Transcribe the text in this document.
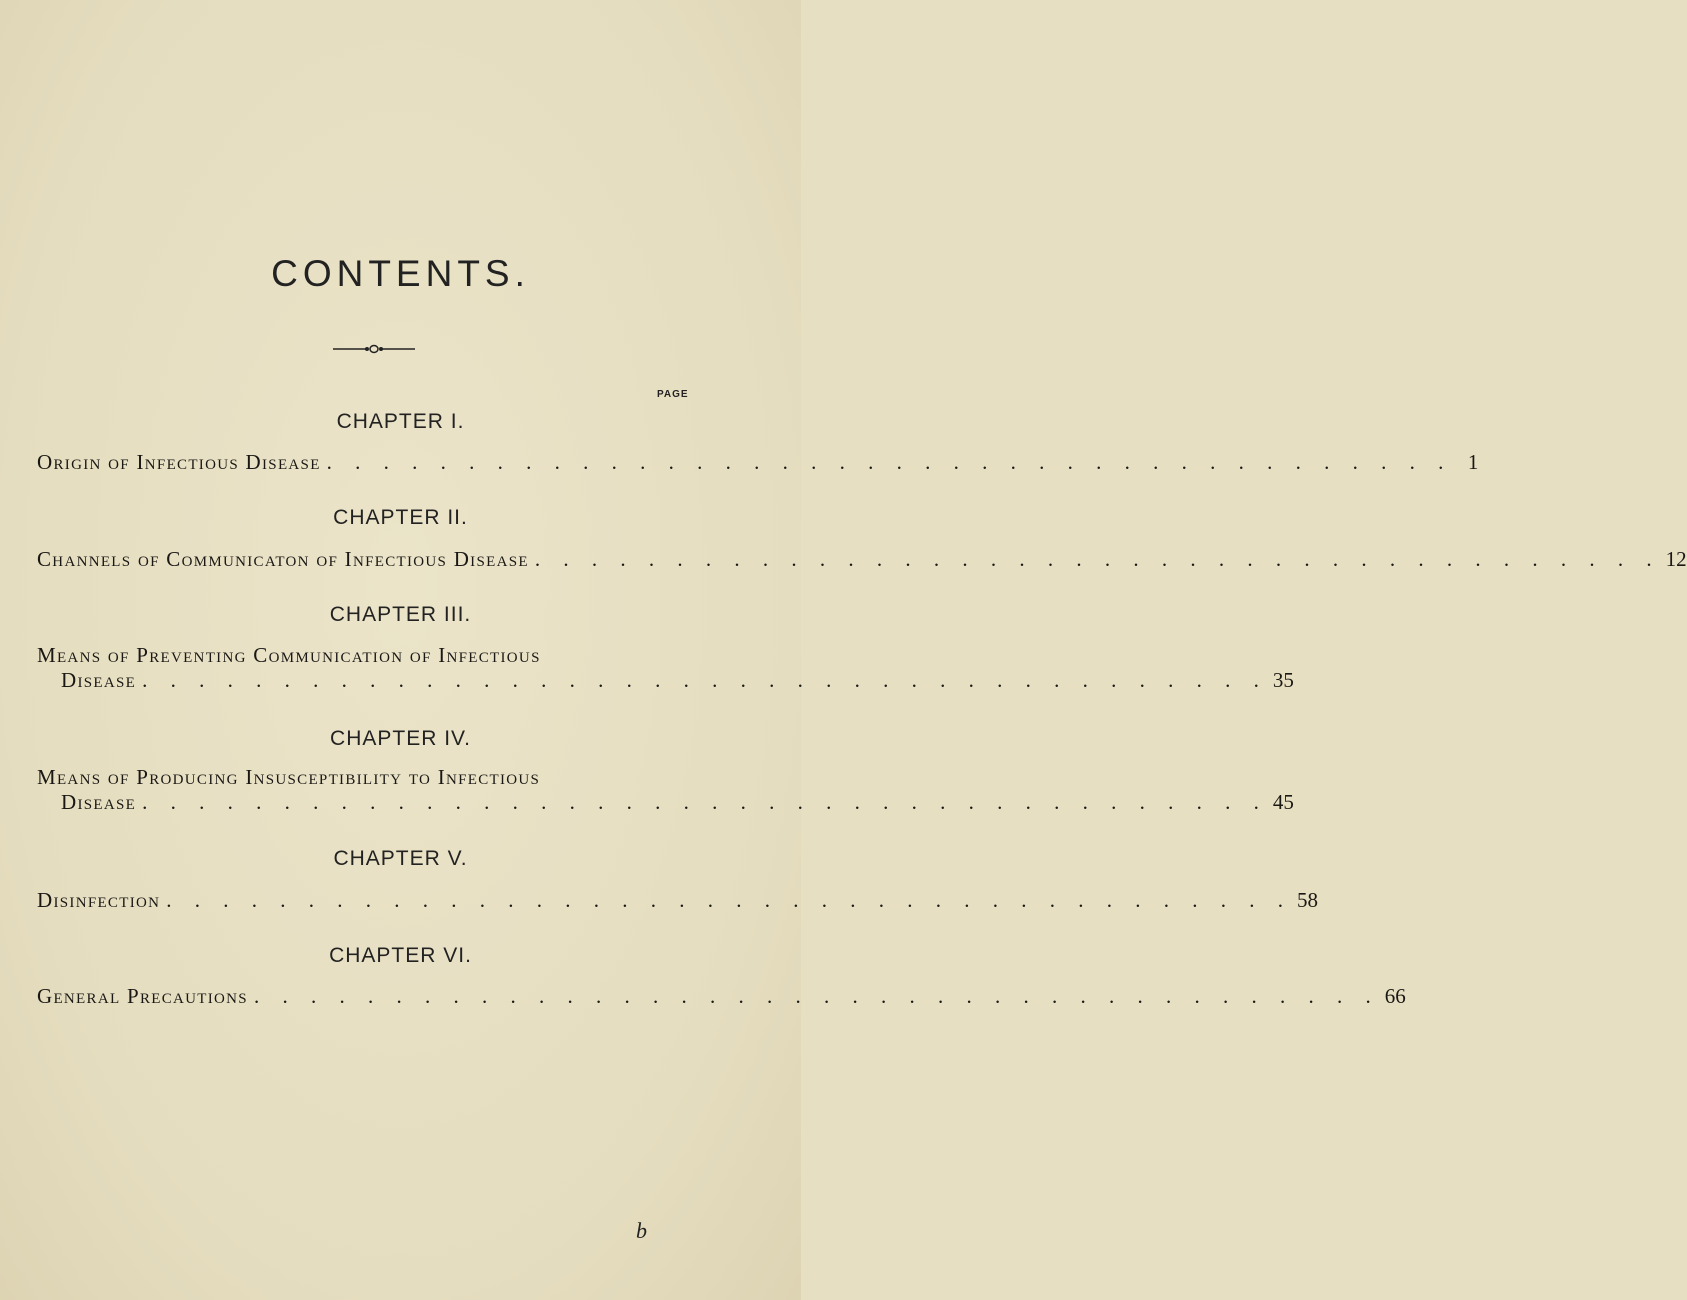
CONTENTS.
PAGE
CHAPTER I.
Origin of Infectious Disease . . . . . . . . . . . . . . . . . . . . . . . . . . . . . . . . . . . . . . . . 1
CHAPTER II.
Channels of Communicaton of Infectious Disease . . . . . . . . . . . . . . . . . . . . . . . . . . . . . . . . . . . . . . . . 12
CHAPTER III.
Means of Preventing Communication of Infectious
Disease . . . . . . . . . . . . . . . . . . . . . . . . . . . . . . . . . . . . . . . . 35
CHAPTER IV.
Means of Producing Insusceptibility to Infectious
Disease . . . . . . . . . . . . . . . . . . . . . . . . . . . . . . . . . . . . . . . . 45
CHAPTER V.
Disinfection . . . . . . . . . . . . . . . . . . . . . . . . . . . . . . . . . . . . . . . . 58
CHAPTER VI.
General Precautions . . . . . . . . . . . . . . . . . . . . . . . . . . . . . . . . . . . . . . . . 66
b
